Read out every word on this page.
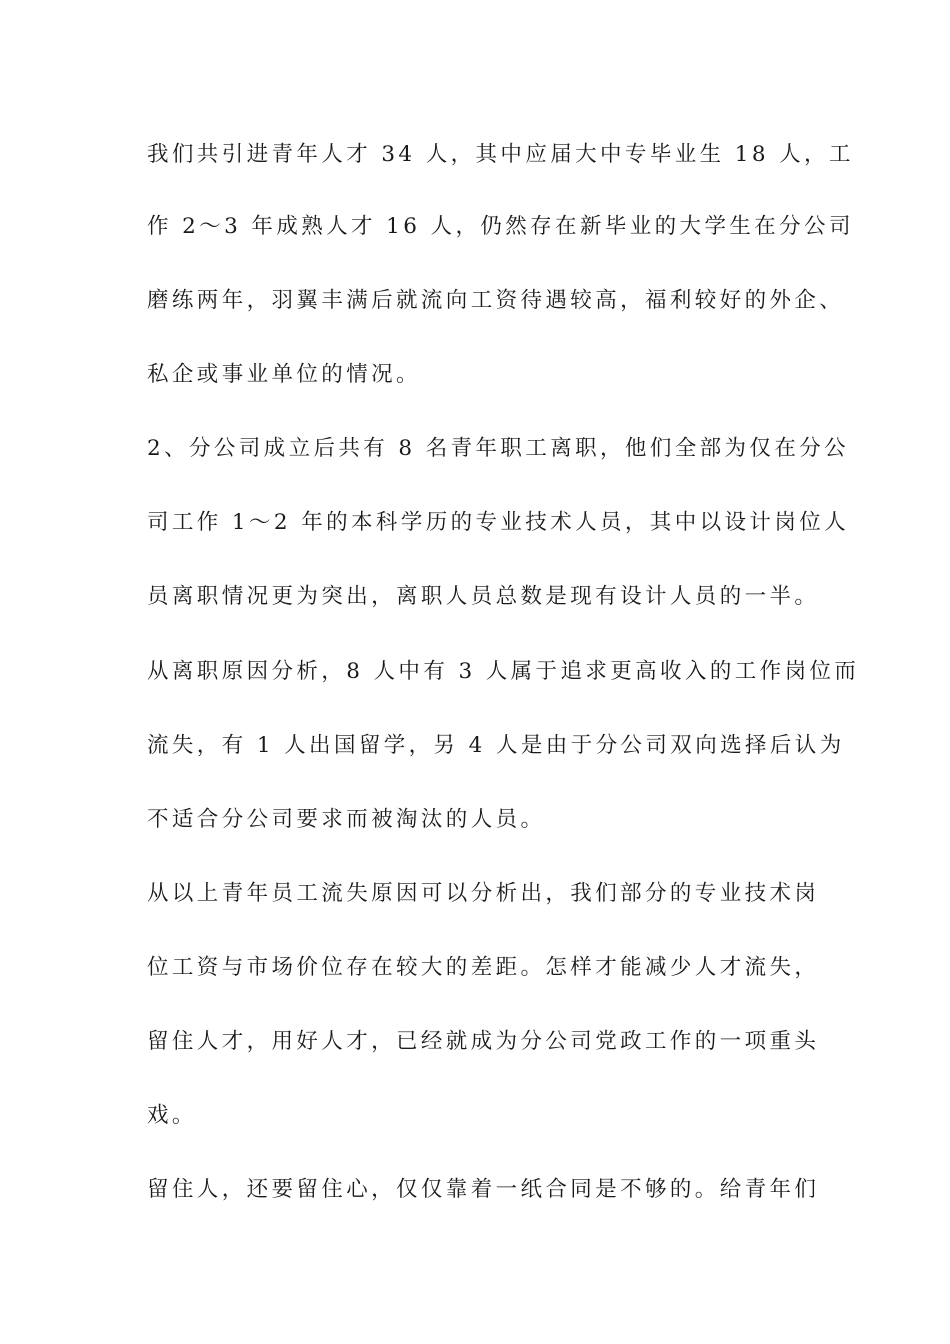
我们共引进青年人才 34 人，其中应届大中专毕业生 18 人，工
作 2～3 年成熟人才 16 人，仍然存在新毕业的大学生在分公司
磨练两年，羽翼丰满后就流向工资待遇较高，福利较好的外企、
私企或事业单位的情况。
2、分公司成立后共有 8 名青年职工离职，他们全部为仅在分公
司工作 1～2 年的本科学历的专业技术人员，其中以设计岗位人
员离职情况更为突出，离职人员总数是现有设计人员的一半。
从离职原因分析，8 人中有 3 人属于追求更高收入的工作岗位而
流失，有 1 人出国留学，另 4 人是由于分公司双向选择后认为
不适合分公司要求而被淘汰的人员。
从以上青年员工流失原因可以分析出，我们部分的专业技术岗
位工资与市场价位存在较大的差距。怎样才能减少人才流失，
留住人才，用好人才，已经就成为分公司党政工作的一项重头
戏。
留住人，还要留住心，仅仅靠着一纸合同是不够的。给青年们
